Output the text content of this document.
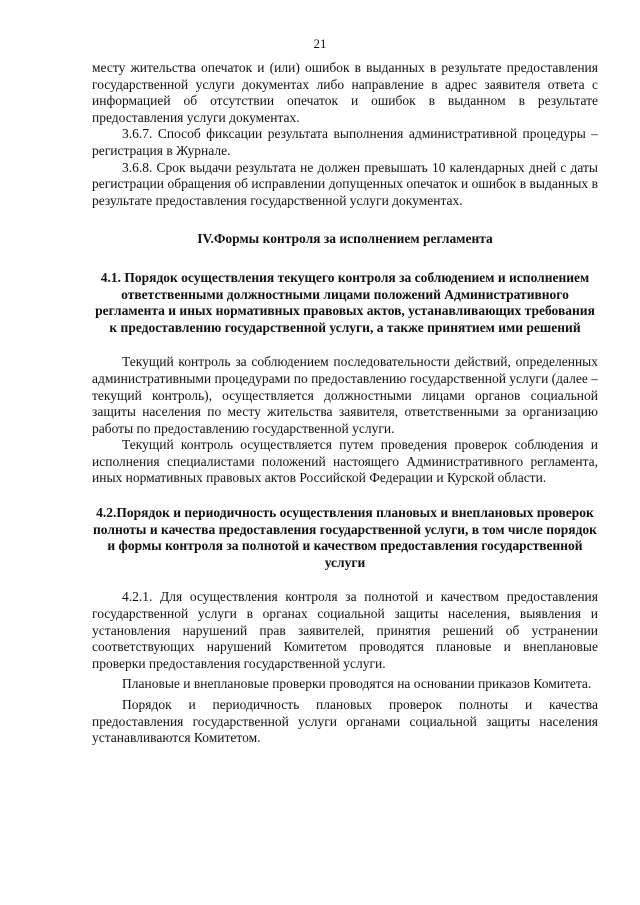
21

месту жительства опечаток и (или) ошибок в выданных в результате предоставления государственной услуги документах либо направление в адрес заявителя ответа с информацией об отсутствии опечаток и ошибок в выданном в результате предоставления услуги документах.

3.6.7. Способ фиксации результата выполнения административной процедуры – регистрация в Журнале.

3.6.8. Срок выдачи результата не должен превышать 10 календарных дней с даты регистрации обращения об исправлении допущенных опечаток и ошибок в выданных в результате предоставления государственной услуги документах.

IV.Формы контроля за исполнением регламента

4.1. Порядок осуществления текущего контроля за соблюдением и исполнением ответственными должностными лицами положений Административного регламента и иных нормативных правовых актов, устанавливающих требования к предоставлению государственной услуги, а также принятием ими решений

Текущий контроль за соблюдением последовательности действий, определенных административными процедурами по предоставлению государственной услуги (далее – текущий контроль), осуществляется должностными лицами органов социальной защиты населения по месту жительства заявителя, ответственными за организацию работы по предоставлению государственной услуги.

Текущий контроль осуществляется путем проведения проверок соблюдения и исполнения специалистами положений настоящего Административного регламента, иных нормативных правовых актов Российской Федерации и Курской области.

4.2.Порядок и периодичность осуществления плановых и внеплановых проверок полноты и качества предоставления государственной услуги, в том числе порядок и формы контроля за полнотой и качеством предоставления государственной услуги

4.2.1. Для осуществления контроля за полнотой и качеством предоставления государственной услуги в органах социальной защиты населения, выявления и установления нарушений прав заявителей, принятия решений об устранении соответствующих нарушений Комитетом проводятся плановые и внеплановые проверки предоставления государственной услуги.

Плановые и внеплановые проверки проводятся на основании приказов Комитета.

Порядок и периодичность плановых проверок полноты и качества предоставления государственной услуги органами социальной защиты населения устанавливаются Комитетом.
